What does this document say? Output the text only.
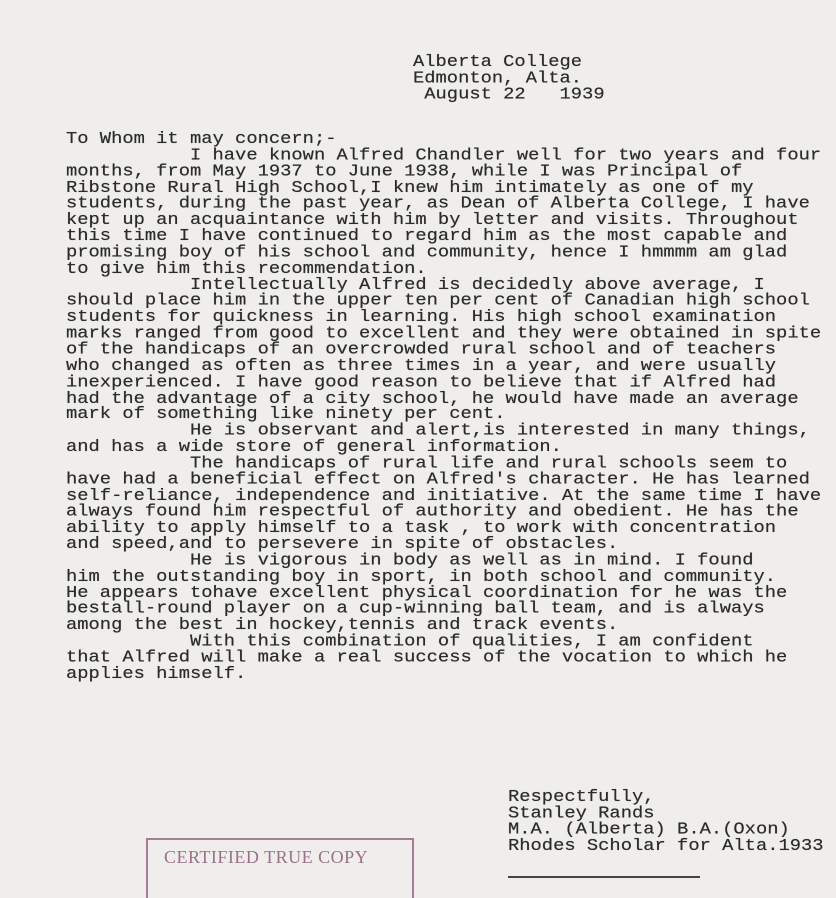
Alberta College
Edmonton, Alta.
August 22   1939
To Whom it may concern;-
I have known Alfred Chandler well for two years and four
months, from May 1937 to June 1938, while I was Principal of
Ribstone Rural High School,I knew him intimately as one of my
students, during the past year, as Dean of Alberta College, I have
kept up an acquaintance with him by letter and visits. Throughout
this time I have continued to regard him as the most capable and
promising boy of his school and community, hence I hmmmm am glad
to give him this recommendation.
Intellectually Alfred is decidedly above average, I
should place him in the upper ten per cent of Canadian high school
students for quickness in learning. His high school examination
marks ranged from good to excellent and they were obtained in spite
of the handicaps of an overcrowded rural school and of teachers
who changed as often as three times in a year, and were usually
inexperienced. I have good reason to believe that if Alfred had
had the advantage of a city school, he would have made an average
mark of something like ninety per cent.
He is observant and alert,is interested in many things,
and has a wide store of general information.
The handicaps of rural life and rural schools seem to
have had a beneficial effect on Alfred's character. He has learned
self-reliance, independence and initiative. At the same time I have
always found him respectful of authority and obedient. He has the
ability to apply himself to a task , to work with concentration
and speed,and to persevere in spite of obstacles.
He is vigorous in body as well as in mind. I found
him the outstanding boy in sport, in both school and community.
He appears tohave excellent physical coordination for he was the
bestall-round player on a cup-winning ball team, and is always
among the best in hockey,tennis and track events.
With this combination of qualities, I am confident
that Alfred will make a real success of the vocation to which he
applies himself.
Respectfully,
Stanley Rands
M.A. (Alberta) B.A.(Oxon)
Rhodes Scholar for Alta.1933
CERTIFIED TRUE COPY
